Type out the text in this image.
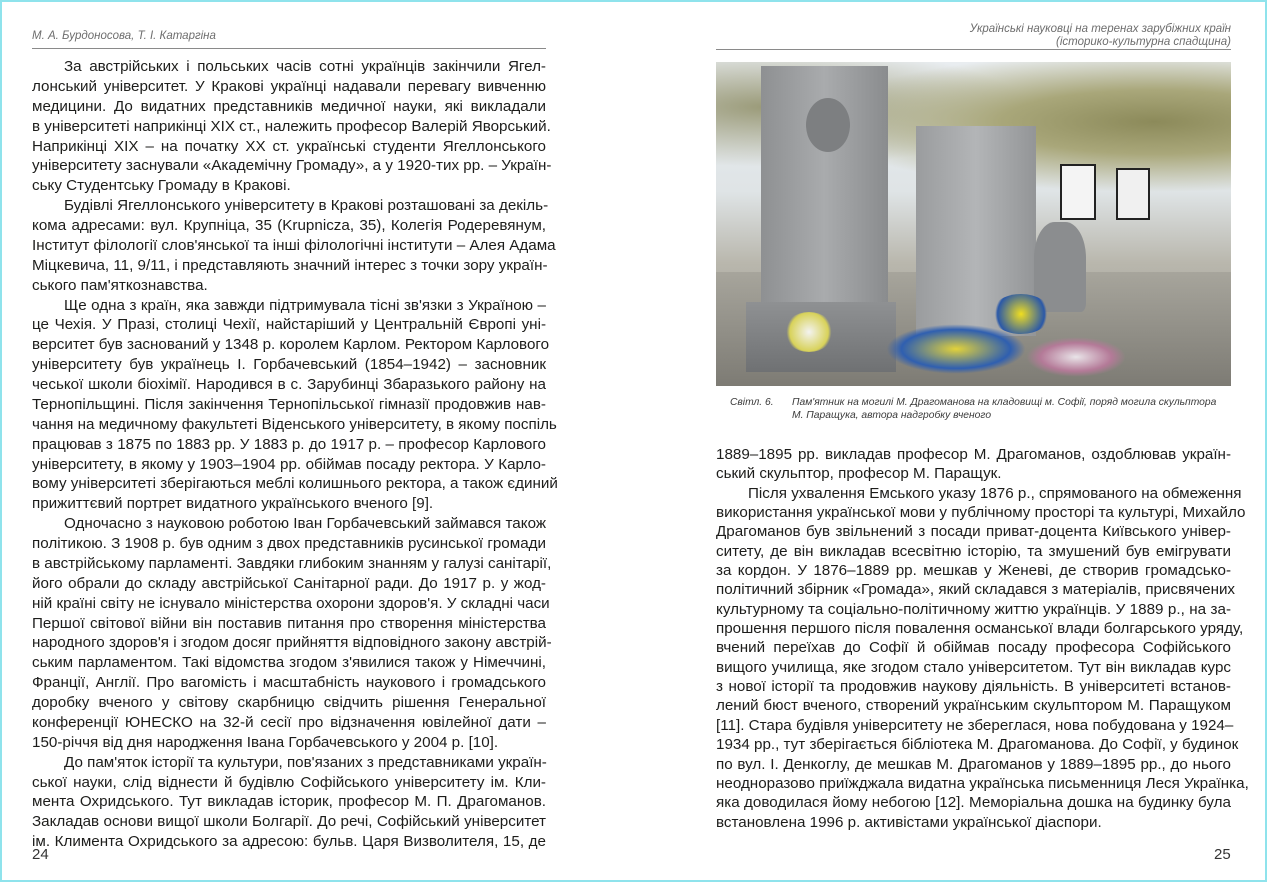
М. А. Бурдоносова, Т. І. Катаргіна
За австрійських і польських часів сотні українців закінчили Ягел-
лонський університет. У Кракові українці надавали перевагу вивченню
медицини. До видатних представників медичної науки, які викладали
в університеті наприкінці ХІХ ст., належить професор Валерій Яворський.
Наприкінці ХІХ – на початку ХХ ст. українські студенти Ягеллонського
університету заснували «Академічну Громаду», а у 1920-тих рр. – Україн-
ську Студентську Громаду в Кракові.
Будівлі Ягеллонського університету в Кракові розташовані за декіль-
кома адресами: вул. Крупніца, 35 (Krupnicza, 35), Колегія Родеревянум,
Інститут філології слов'янської та інші філологічні інститути – Алея Адама
Міцкевича, 11, 9/11, і представляють значний інтерес з точки зору україн-
ського пам'яткознавства.
Ще одна з країн, яка завжди підтримувала тісні зв'язки з Україною –
це Чехія. У Празі, столиці Чехії, найстаріший у Центральній Європі уні-
верситет був заснований у 1348 р. королем Карлом. Ректором Карлового
університету був українець І. Горбачевський (1854–1942) – засновник
чеської школи біохімії. Народився в с. Зарубинці Збаразького району на
Тернопільщині. Після закінчення Тернопільської гімназії продовжив нав-
чання на медичному факультеті Віденського університету, в якому поспіль
працював з 1875 по 1883 рр. У 1883 р. до 1917 р. – професор Карлового
університету, в якому у 1903–1904 рр. обіймав посаду ректора. У Карло-
вому університеті зберігаються меблі колишнього ректора, а також єдиний
прижиттєвий портрет видатного українського вченого [9].
Одночасно з науковою роботою Іван Горбачевський займався також
політикою. З 1908 р. був одним з двох представників русинської громади
в австрійському парламенті. Завдяки глибоким знанням у галузі санітарії,
його обрали до складу австрійської Санітарної ради. До 1917 р. у жод-
ній країні світу не існувало міністерства охорони здоров'я. У складні часи
Першої світової війни він поставив питання про створення міністерства
народного здоров'я і згодом досяг прийняття відповідного закону австрій-
ським парламентом. Такі відомства згодом з'явилися також у Німеччині,
Франції, Англії. Про вагомість і масштабність наукового і громадського
доробку вченого у світову скарбницю свідчить рішення Генеральної
конференції ЮНЕСКО на 32-й сесії про відзначення ювілейної дати –
150-річчя від дня народження Івана Горбачевського у 2004 р. [10].
До пам'яток історії та культури, пов'язаних з представниками україн-
ської науки, слід віднести й будівлю Софійського університету ім. Кли-
мента Охридського. Тут викладав історик, професор М. П. Драгоманов.
Закладав основи вищої школи Болгарії. До речі, Софійський університет
ім. Климента Охридського за адресою: бульв. Царя Визволителя, 15, де
24
Українські науковці на теренах зарубіжних країн
(історико-культурна спадщина)
Світл. 6. Пам'ятник на могилі М. Драгоманова на кладовищі м. Софії, поряд могила скульптора
М. Паращука, автора надгробку вченого
1889–1895 рр. викладав професор М. Драгоманов, оздоблював україн-
ський скульптор, професор М. Паращук.
Після ухвалення Емського указу 1876 р., спрямованого на обмеження
використання української мови у публічному просторі та культурі, Михайло
Драгоманов був звільнений з посади приват-доцента Київського універ-
ситету, де він викладав всесвітню історію, та змушений був емігрувати
за кордон. У 1876–1889 рр. мешкав у Женеві, де створив громадсько-
політичний збірник «Громада», який складався з матеріалів, присвячених
культурному та соціально-політичному життю українців. У 1889 р., на за-
прошення першого після повалення османської влади болгарського уряду,
вчений переїхав до Софії й обіймав посаду професора Софійського
вищого училища, яке згодом стало університетом. Тут він викладав курс
з нової історії та продовжив наукову діяльність. В університеті встанов-
лений бюст вченого, створений українським скульптором М. Паращуком
[11]. Стара будівля університету не збереглася, нова побудована у 1924–
1934 рр., тут зберігається бібліотека М. Драгоманова. До Софії, у будинок
по вул. І. Денкоглу, де мешкав М. Драгоманов у 1889–1895 рр., до нього
неодноразово приїжджала видатна українська письменниця Леся Українка,
яка доводилася йому небогою [12]. Меморіальна дошка на будинку була
встановлена 1996 р. активістами української діаспори.
25
